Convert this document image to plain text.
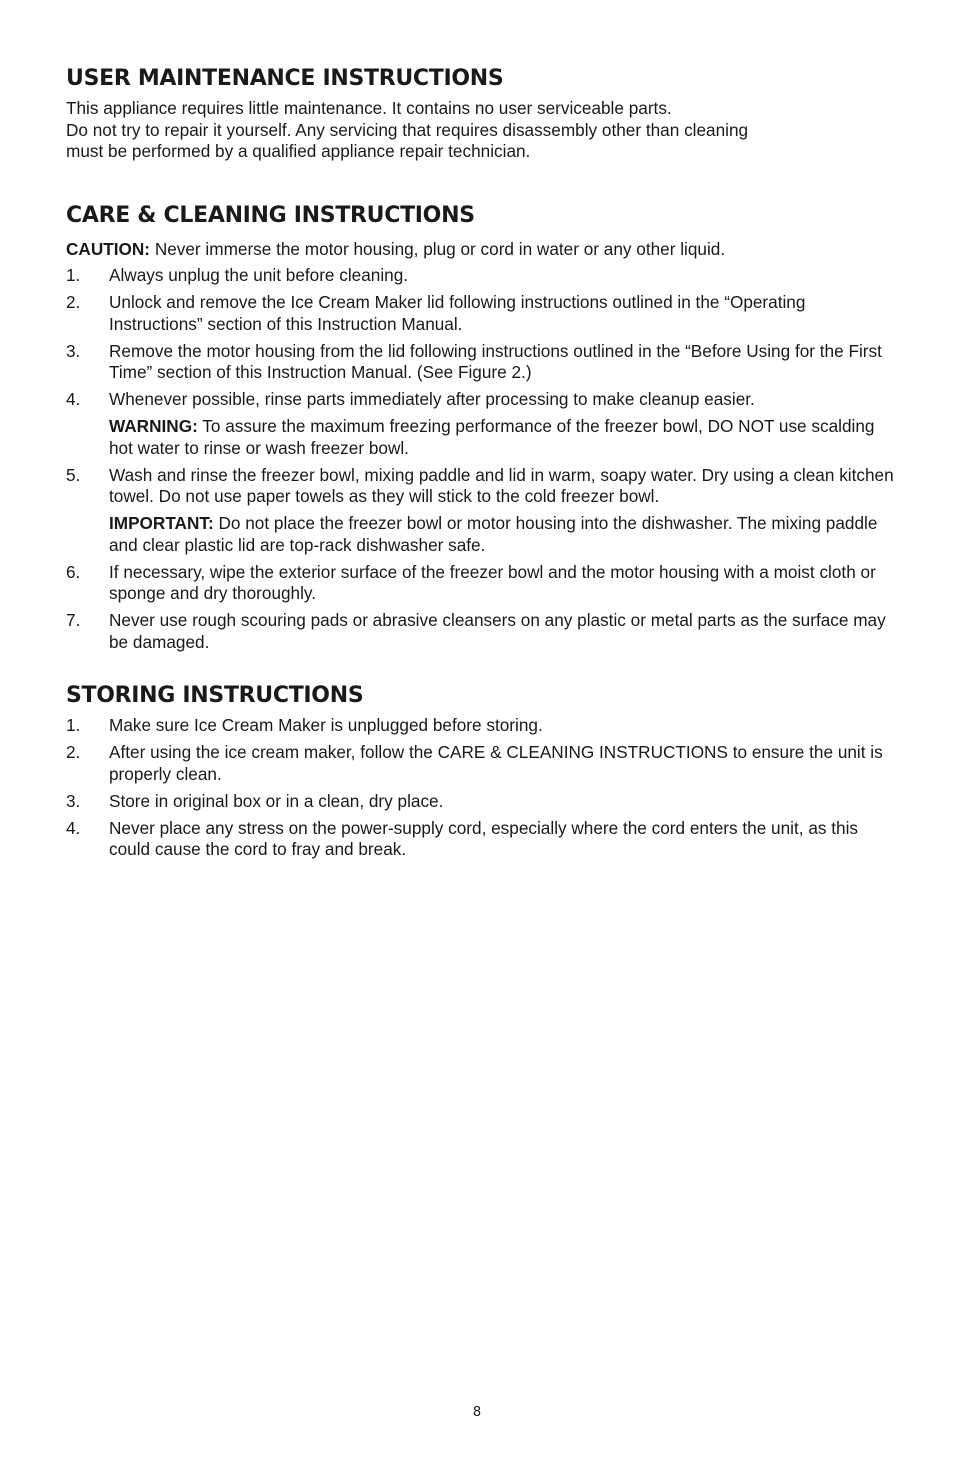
USER MAINTENANCE INSTRUCTIONS

This appliance requires little maintenance. It contains no user serviceable parts.

Do not try to repair it yourself. Any servicing that requires disassembly other than cleaning

must be performed by a qualified appliance repair technician.

CARE & CLEANING INSTRUCTIONS

CAUTION: Never immerse the motor housing, plug or cord in water or any other liquid.

1. Always unplug the unit before cleaning.
2. Unlock and remove the Ice Cream Maker lid following instructions outlined in the “Operating Instructions” section of this Instruction Manual.
3. Remove the motor housing from the lid following instructions outlined in the “Before Using for the First Time” section of this Instruction Manual. (See Figure 2.)
4. Whenever possible, rinse parts immediately after processing to make cleanup easier.
WARNING: To assure the maximum freezing performance of the freezer bowl, DO NOT use scalding hot water to rinse or wash freezer bowl.
5. Wash and rinse the freezer bowl, mixing paddle and lid in warm, soapy water. Dry using a clean kitchen towel. Do not use paper towels as they will stick to the cold freezer bowl.
IMPORTANT: Do not place the freezer bowl or motor housing into the dishwasher. The mixing paddle and clear plastic lid are top-rack dishwasher safe.
6. If necessary, wipe the exterior surface of the freezer bowl and the motor housing with a moist cloth or sponge and dry thoroughly.
7. Never use rough scouring pads or abrasive cleansers on any plastic or metal parts as the surface may be damaged.
STORING INSTRUCTIONS
1. Make sure Ice Cream Maker is unplugged before storing.
2. After using the ice cream maker, follow the CARE & CLEANING INSTRUCTIONS to ensure the unit is properly clean.
3. Store in original box or in a clean, dry place.
4. Never place any stress on the power-supply cord, especially where the cord enters the unit, as this could cause the cord to fray and break.
8
